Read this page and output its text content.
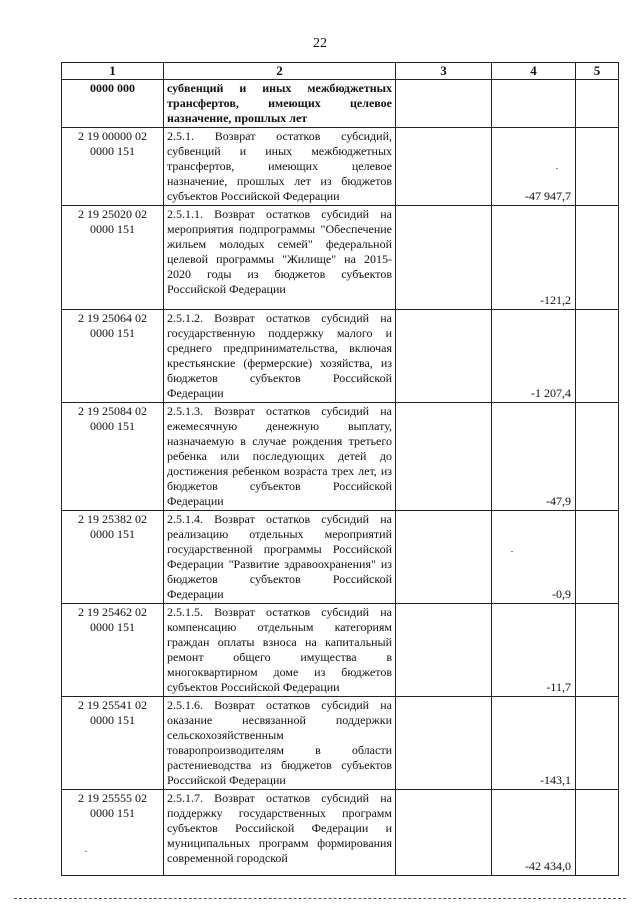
22
1	2	3	4	5
0000 000	субвенций и иных межбюджетных трансфертов, имеющих целевое назначение, прошлых лет			
2 19 00000 02 0000 151	2.5.1. Возврат остатков субсидий, субвенций и иных межбюджетных трансфертов, имеющих целевое назначение, прошлых лет из бюджетов субъектов Российской Федерации		-47 947,7	
2 19 25020 02 0000 151	2.5.1.1. Возврат остатков субсидий на мероприятия подпрограммы "Обеспечение жильем молодых семей" федеральной целевой программы "Жилище" на 2015-2020 годы из бюджетов субъектов Российской Федерации		-121,2	
2 19 25064 02 0000 151	2.5.1.2. Возврат остатков субсидий на государственную поддержку малого и среднего предпринимательства, включая крестьянские (фермерские) хозяйства, из бюджетов субъектов Российской Федерации		-1 207,4	
2 19 25084 02 0000 151	2.5.1.3. Возврат остатков субсидий на ежемесячную денежную выплату, назначаемую в случае рождения третьего ребенка или последующих детей до достижения ребенком возраста трех лет, из бюджетов субъектов Российской Федерации		-47,9	
2 19 25382 02 0000 151	2.5.1.4. Возврат остатков субсидий на реализацию отдельных мероприятий государственной программы Российской Федерации "Развитие здравоохранения" из бюджетов субъектов Российской Федерации		-0,9	
2 19 25462 02 0000 151	2.5.1.5. Возврат остатков субсидий на компенсацию отдельным категориям граждан оплаты взноса на капитальный ремонт общего имущества в многоквартирном доме из бюджетов субъектов Российской Федерации		-11,7	
2 19 25541 02 0000 151	2.5.1.6. Возврат остатков субсидий на оказание несвязанной поддержки сельскохозяйственным товаропроизводителям в области растениеводства из бюджетов субъектов Российской Федерации		-143,1	
2 19 25555 02 0000 151	2.5.1.7. Возврат остатков субсидий на поддержку государственных программ субъектов Российской Федерации и муниципальных программ формирования современной городской		-42 434,0	
